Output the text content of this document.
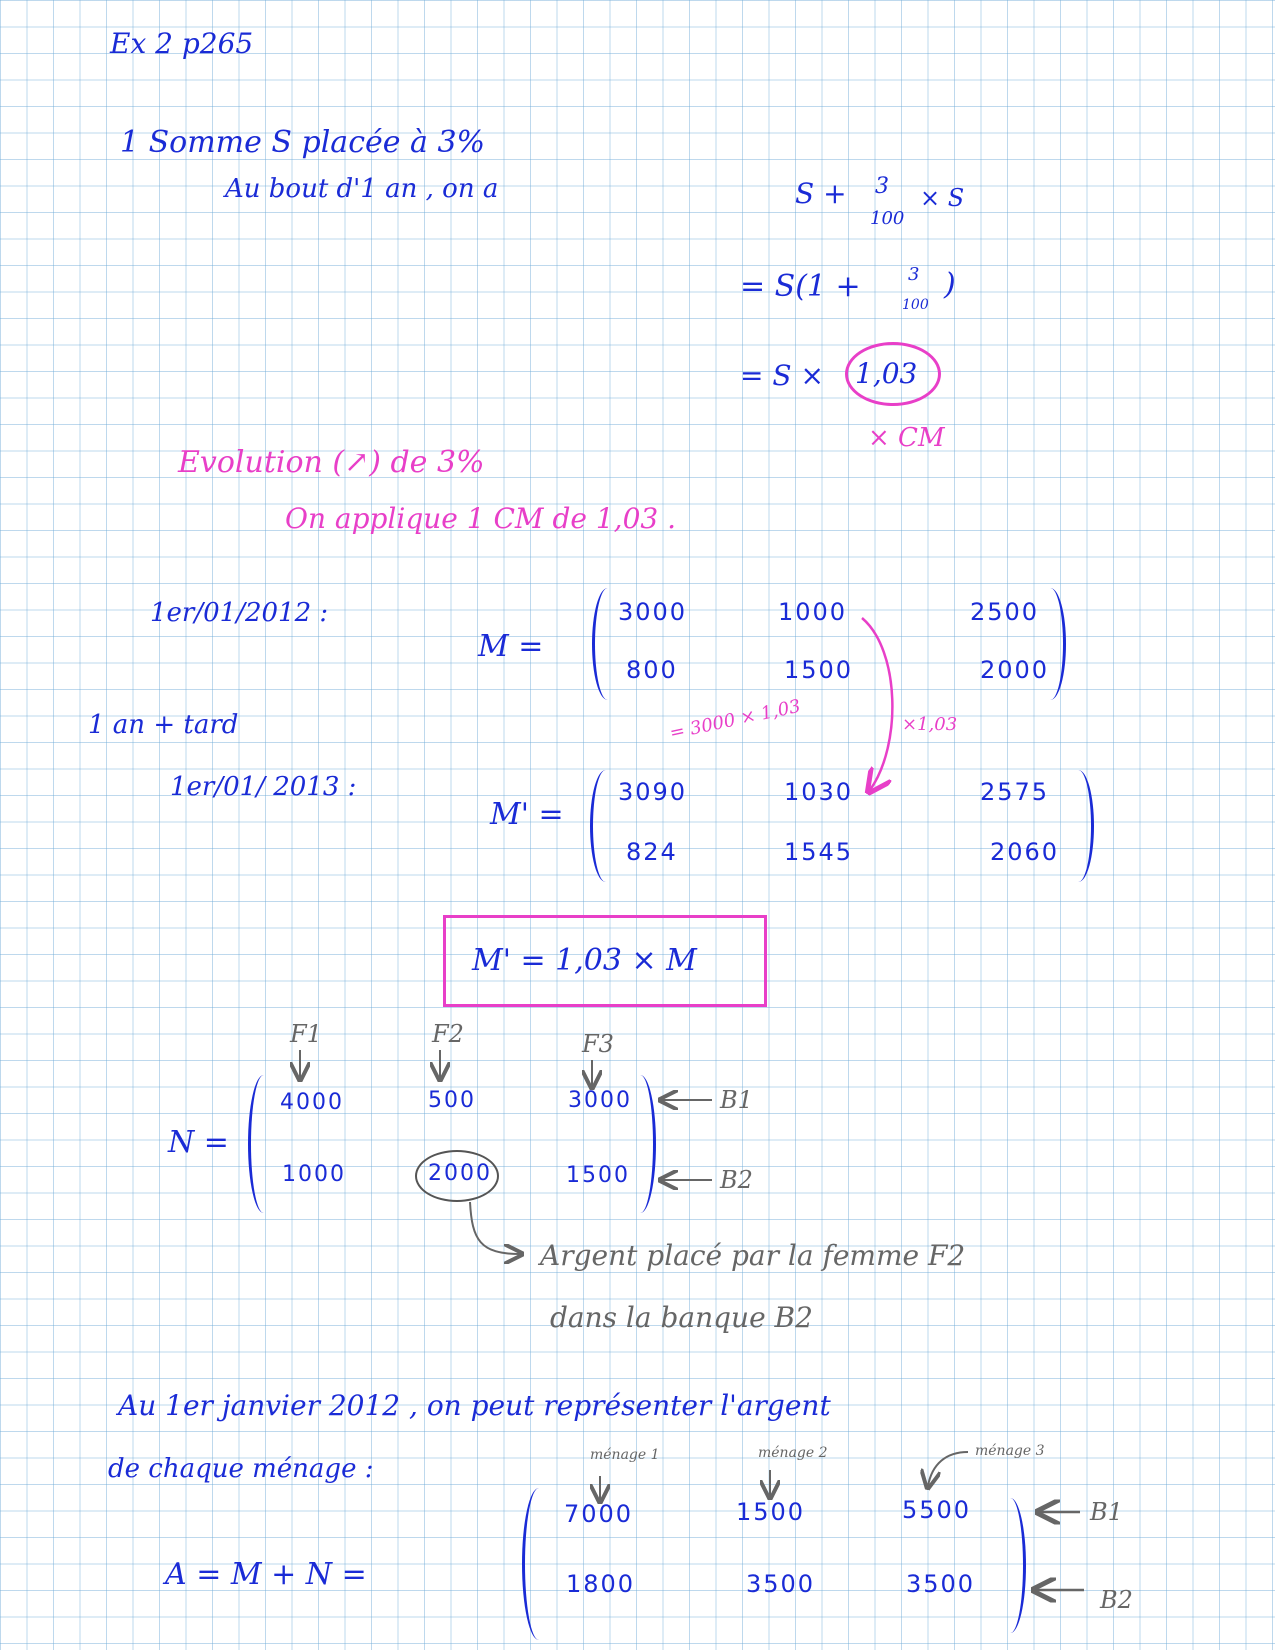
Ex 2 p265
1 Somme S placée à 3%
Au bout d'1 an , on a	S + 3
100
× S
= S(1 +	3
100
)
= S × 1,03
× CM
Evolution (↗) de 3%
On applique 1 CM de 1,03 .
1er/01/2012 :
M =
3000	1000	2500
800	1500	2000
×1,03
1 an + tard
1er/01/ 2013 :
= 3000 × 1,03
M' =
3090	1030	2575
824	1545	2060
M' = 1,03 × M
F1	F2	F3
N =
4000	500	3000
1000	2000	1500
B1
B2
Argent placé par la femme F2
dans la banque B2
Au 1er janvier 2012 , on peut représenter l'argent
de chaque ménage :	ménage 1	ménage 2	ménage 3
A = M + N =
7000	1500	5500
1800	3500	3500
B1
B2
